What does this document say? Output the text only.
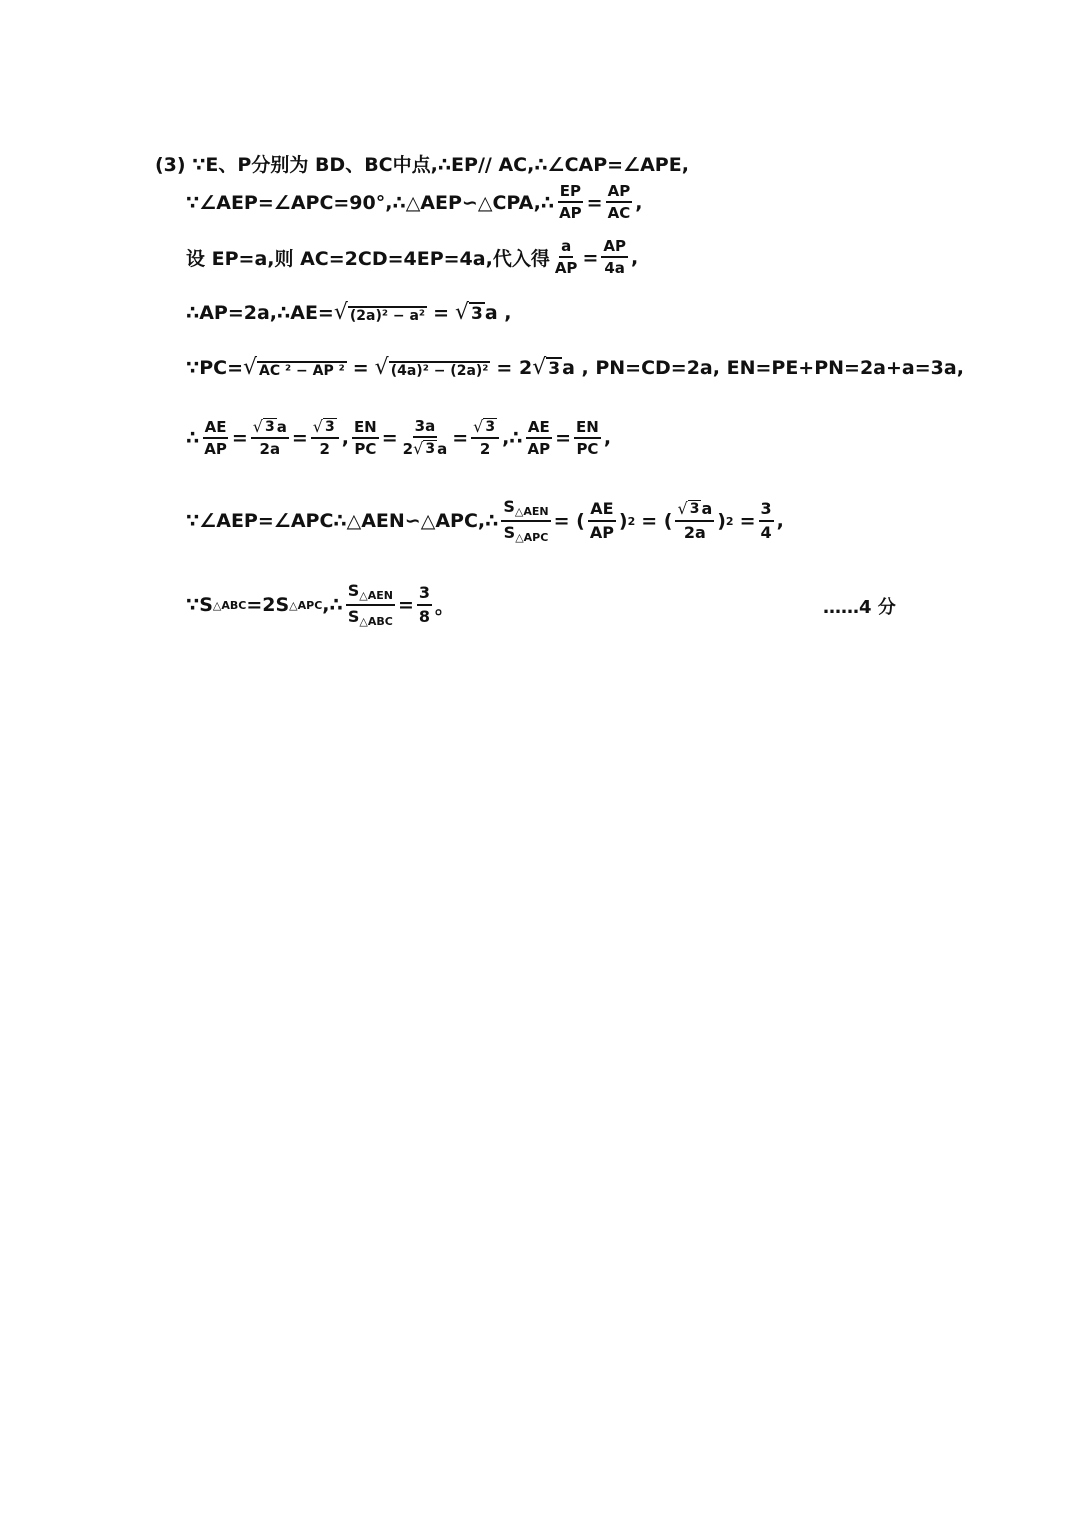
(3) ∵E、P分别为 BD、BC中点,∴EP// AC,∴∠CAP=∠APE,
∵∠AEP=∠APC=90°,∴△AEP∽△CPA,∴ $\frac{EP}{AP} = \frac{AP}{AC}$ ,
设 EP=a,则 AC=2CD=4EP=4a,代入得 $\frac{a}{AP} = \frac{AP}{4a}$ ,
∴AP=2a,∴AE= √ (2a)² − a² = √ 3 a ,
∵PC= √ AC ² − AP ² = √ (4a)² − (2a)² = 2 √ 3 a , PN=CD=2a, EN=PE+PN=2a+a=3a,
∴ $\frac{AE}{AP} = \frac{√ 3 a}{2a} = \frac{√ 3}{2}$ , $\frac{EN}{PC} = \frac{3a}{2 √ 3 a} = \frac{√ 3}{2}$ ,∴ $\frac{AE}{AP} = \frac{EN}{PC}$ ,
∵∠AEP=∠APC∴△AEN∽△APC,∴ $\frac{S_{\triangle AEN}}{S_{\triangle APC}}$ = ( $\frac{AE}{AP}$ ) 2 = ( $\frac{√ 3 a}{2a}$ ) $2 = \frac{3}{4}$ ,
∵S △ABC =2S △APC ,∴ $\frac{S_{\triangle AEN}}{S_{\triangle ABC}} = \frac{3}{8}$ 。	……4 分
